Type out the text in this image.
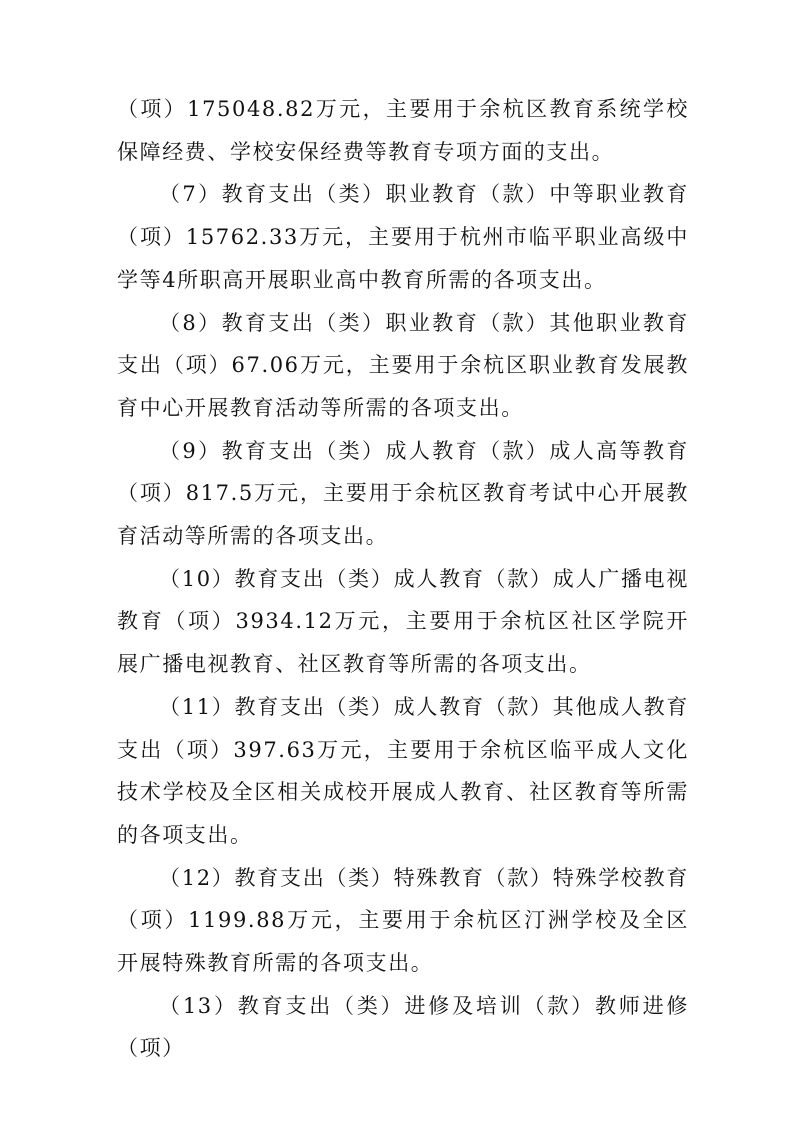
（项）175048.82万元，主要用于余杭区教育系统学校保障经费、学校安保经费等教育专项方面的支出。

（7）教育支出（类）职业教育（款）中等职业教育（项）15762.33万元，主要用于杭州市临平职业高级中学等4所职高开展职业高中教育所需的各项支出。

（8）教育支出（类）职业教育（款）其他职业教育支出（项）67.06万元，主要用于余杭区职业教育发展教育中心开展教育活动等所需的各项支出。

（9）教育支出（类）成人教育（款）成人高等教育（项）817.5万元，主要用于余杭区教育考试中心开展教育活动等所需的各项支出。

（10）教育支出（类）成人教育（款）成人广播电视教育（项）3934.12万元，主要用于余杭区社区学院开展广播电视教育、社区教育等所需的各项支出。

（11）教育支出（类）成人教育（款）其他成人教育支出（项）397.63万元，主要用于余杭区临平成人文化技术学校及全区相关成校开展成人教育、社区教育等所需的各项支出。

（12）教育支出（类）特殊教育（款）特殊学校教育（项）1199.88万元，主要用于余杭区汀洲学校及全区开展特殊教育所需的各项支出。

（13）教育支出（类）进修及培训（款）教师进修（项）
